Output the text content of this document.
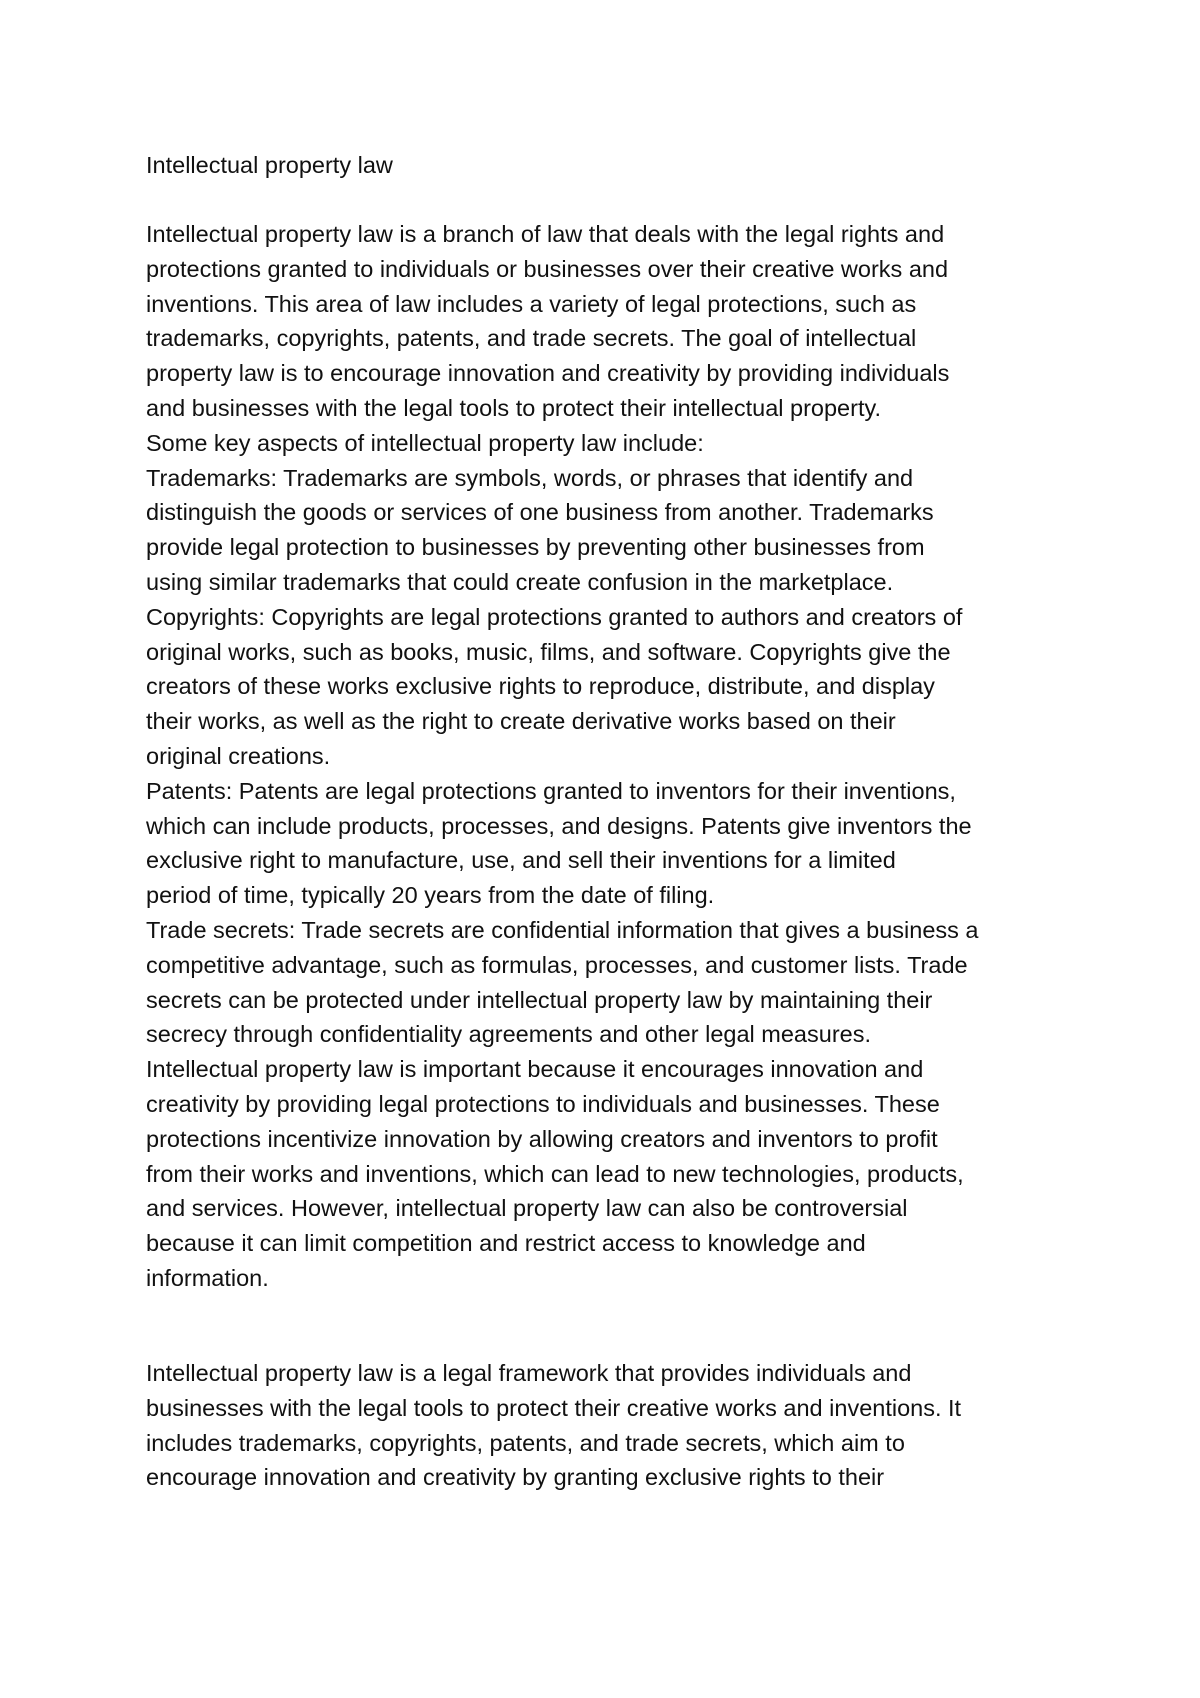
Intellectual property law
Intellectual property law is a branch of law that deals with the legal rights and
protections granted to individuals or businesses over their creative works and
inventions. This area of law includes a variety of legal protections, such as
trademarks, copyrights, patents, and trade secrets. The goal of intellectual
property law is to encourage innovation and creativity by providing individuals
and businesses with the legal tools to protect their intellectual property.
Some key aspects of intellectual property law include:
Trademarks: Trademarks are symbols, words, or phrases that identify and
distinguish the goods or services of one business from another. Trademarks
provide legal protection to businesses by preventing other businesses from
using similar trademarks that could create confusion in the marketplace.
Copyrights: Copyrights are legal protections granted to authors and creators of
original works, such as books, music, films, and software. Copyrights give the
creators of these works exclusive rights to reproduce, distribute, and display
their works, as well as the right to create derivative works based on their
original creations.
Patents: Patents are legal protections granted to inventors for their inventions,
which can include products, processes, and designs. Patents give inventors the
exclusive right to manufacture, use, and sell their inventions for a limited
period of time, typically 20 years from the date of filing.
Trade secrets: Trade secrets are confidential information that gives a business a
competitive advantage, such as formulas, processes, and customer lists. Trade
secrets can be protected under intellectual property law by maintaining their
secrecy through confidentiality agreements and other legal measures.
Intellectual property law is important because it encourages innovation and
creativity by providing legal protections to individuals and businesses. These
protections incentivize innovation by allowing creators and inventors to profit
from their works and inventions, which can lead to new technologies, products,
and services. However, intellectual property law can also be controversial
because it can limit competition and restrict access to knowledge and
information.
Intellectual property law is a legal framework that provides individuals and
businesses with the legal tools to protect their creative works and inventions. It
includes trademarks, copyrights, patents, and trade secrets, which aim to
encourage innovation and creativity by granting exclusive rights to their
